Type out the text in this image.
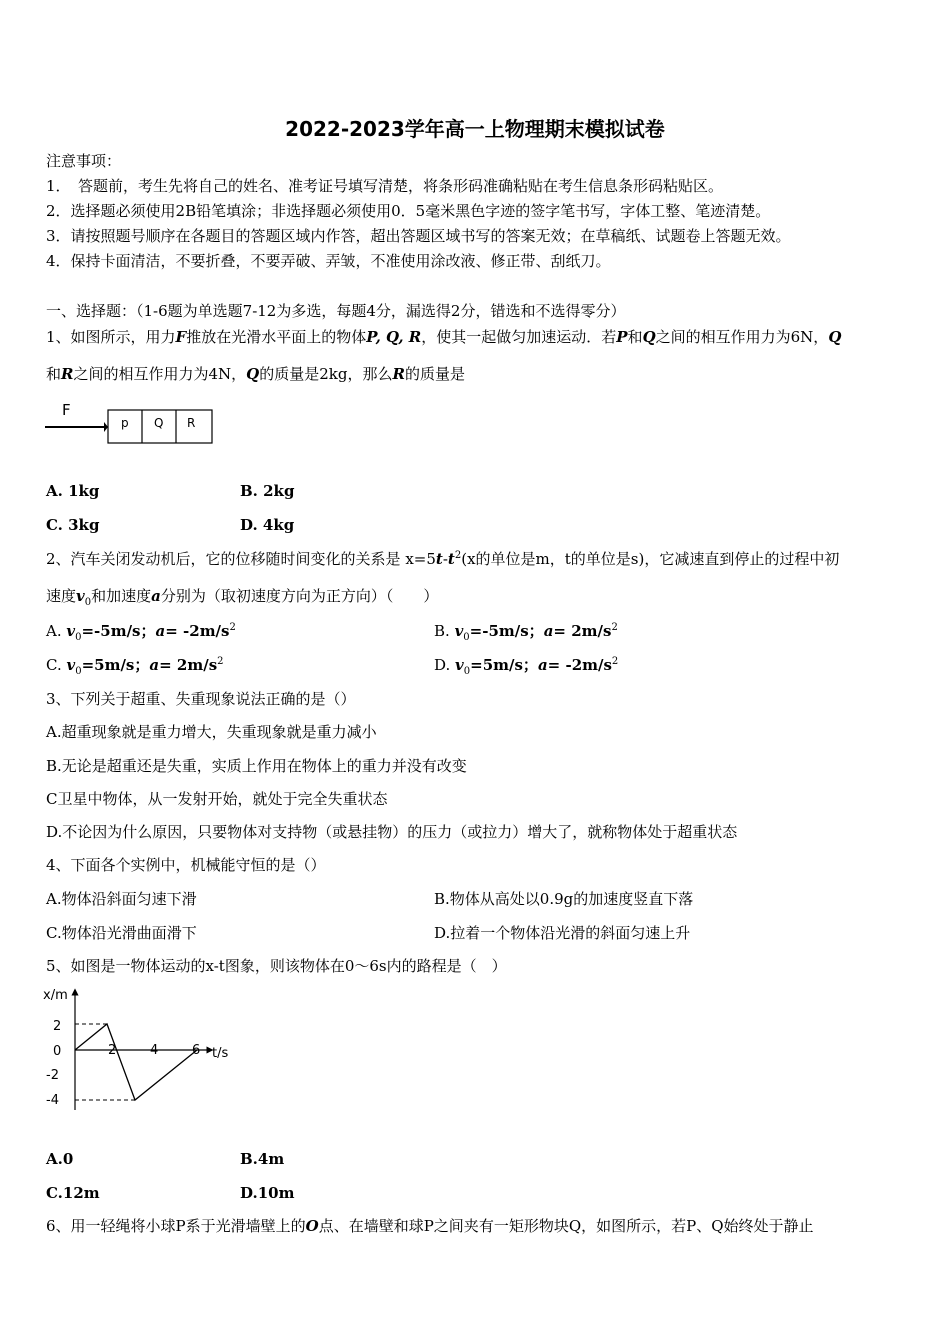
2022-2023学年高一上物理期末模拟试卷
注意事项：
1．　答题前，考生先将自己的姓名、准考证号填写清楚，将条形码准确粘贴在考生信息条形码粘贴区。
2．选择题必须使用2B铅笔填涂；非选择题必须使用0．5毫米黑色字迹的签字笔书写，字体工整、笔迹清楚。
3．请按照题号顺序在各题目的答题区域内作答，超出答题区域书写的答案无效；在草稿纸、试题卷上答题无效。
4．保持卡面清洁，不要折叠，不要弄破、弄皱，不准使用涂改液、修正带、刮纸刀。
一、选择题：（1-6题为单选题7-12为多选，每题4分，漏选得2分，错选和不选得零分）
1、如图所示，用力F推放在光滑水平面上的物体P, Q, R，使其一起做匀加速运动．若P和Q之间的相互作用力为6N，Q
和R之间的相互作用力为4N，Q的质量是2kg，那么R的质量是
F
p Q R
A. 1kg	B. 2kg
C. 3kg	D. 4kg
2、汽车关闭发动机后，它的位移随时间变化的关系是 $x=5t-t^2(x$的单位是m，t的单位是s)，它减速直到停止的过程中初
速度$v_0$和加速度a分别为（取初速度方向为正方向）（　　）
A. $v_0=-5m/s$；$a= -2m/s^2$	B. $v_0=-5m/s$；$a= 2m/s^2$
C. $v_0=5m/s$；$a= 2m/s^2$	D. $v_0=5m/s$；$a= -2m/s^2$
3、下列关于超重、失重现象说法正确的是（）
A.超重现象就是重力增大，失重现象就是重力减小
B.无论是超重还是失重，实质上作用在物体上的重力并没有改变
C卫星中物体，从一发射开始，就处于完全失重状态
D.不论因为什么原因，只要物体对支持物（或悬挂物）的压力（或拉力）增大了，就称物体处于超重状态
4、下面各个实例中，机械能守恒的是（）
A.物体沿斜面匀速下滑	B.物体从高处以0.9g的加速度竖直下落
C.物体沿光滑曲面滑下	D.拉着一个物体沿光滑的斜面匀速上升
5、如图是一物体运动的x-t图象，则该物体在0～6s内的路程是（　）
x/m
t/s
2
0
-2
-4
2	4	6
A.0	B.4m
C.12m	D.10m
6、用一轻绳将小球P系于光滑墙壁上的O点、在墙壁和球P之间夹有一矩形物块Q，如图所示，若P、Q始终处于静止
